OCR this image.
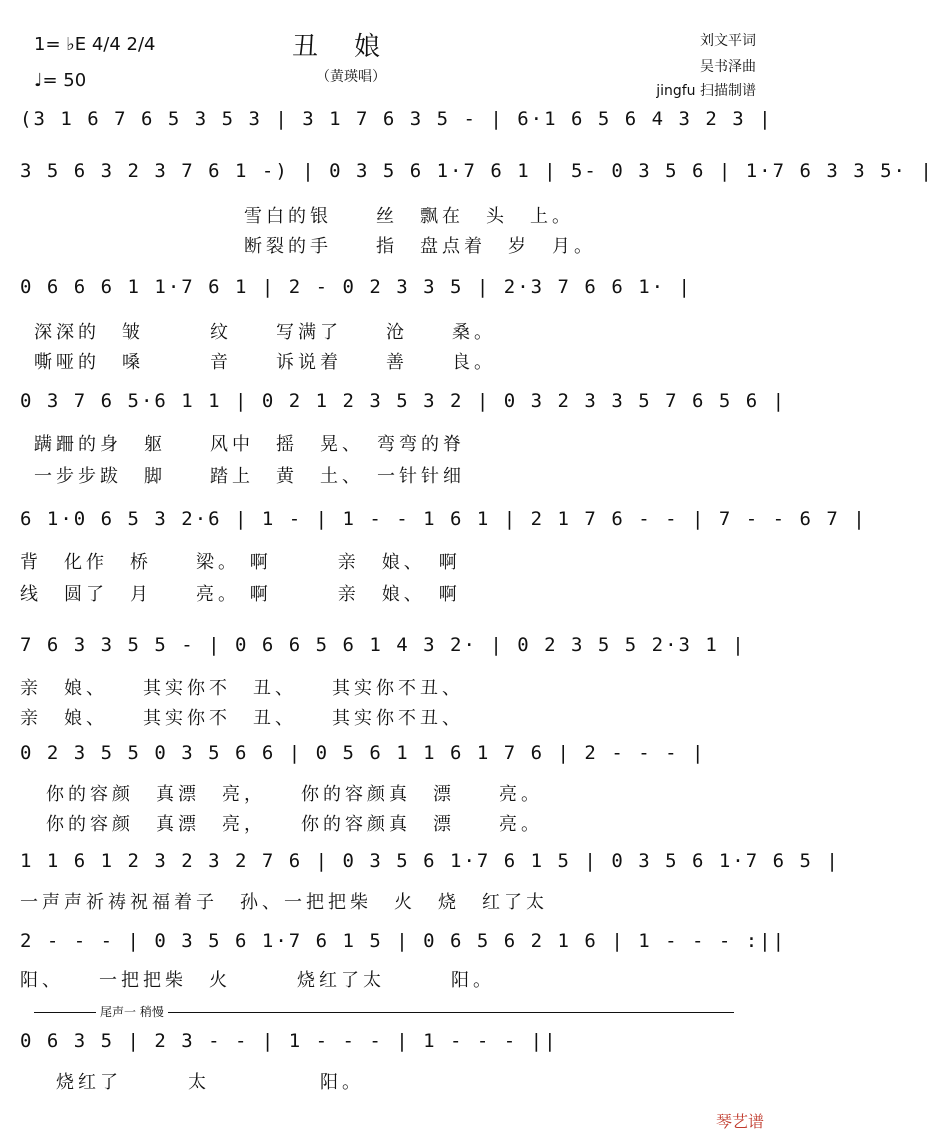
丑娘
（黄瑛唱）
1= ♭E 4/4 2/4
♩= 50
刘文平词
吴书泽曲
jingfu 扫描制谱
(3 1 6 7 6 5 3 5 3 | 3 1 7 6 3 5 - | 6·1 6 5 6 4 3 2 3 |
3 5 6 3 2 3 7 6 1 -) | 0 3 5 6 1·7 6 1 | 5- 0 3 5 6 | 1·7 6 3 3 5· |
雪白的银　　丝　飘在　头　上。
断裂的手　　指　盘点着　岁　月。
0 6 6 6 1 1·7 6 1 | 2 - 0 2 3 3 5 | 2·3 7 6 6 1· |
深深的　皱　　　纹　　写满了　　沧　　桑。
嘶哑的　嗓　　　音　　诉说着　　善　　良。
0 3 7 6 5·6 1 1 | 0 2 1 2 3 5 3 2 | 0 3 2 3 3 5 7 6 5 6 |
蹒跚的身　躯　　风中　摇　晃、　弯弯的脊
一步步跋　脚　　踏上　黄　土、　一针针细
6 1·0 6 5 3 2·6 | 1 - | 1 - - 1 6 1 | 2 1 7 6 - - | 7 - - 6 7 |
背　化作　桥　　梁。 啊　　　亲　娘、　啊
线　圆了　月　　亮。 啊　　　亲　娘、　啊
7 6 3 3 5 5 - | 0 6 6 5 6 1 4 3 2· | 0 2 3 5 5 2·3 1 |
亲　娘、　　其实你不　丑、　　其实你不丑、
亲　娘、　　其实你不　丑、　　其实你不丑、
0 2 3 5 5 0 3 5 6 6 | 0 5 6 1 1 6 1 7 6 | 2 - - - |
你的容颜　真漂　亮，　　你的容颜真　漂　　亮。
你的容颜　真漂　亮，　　你的容颜真　漂　　亮。
1 1 6 1 2 3 2 3 2 7 6 | 0 3 5 6 1·7 6 1 5 | 0 3 5 6 1·7 6 5 |
一声声祈祷祝福着子　孙、一把把柴　火　烧　红了太
2 - - - | 0 3 5 6 1·7 6 1 5 | 0 6 5 6 2 1 6 | 1 - - - :||
阳、　　一把把柴　火　　　烧红了太　　　阳。
尾声一 稍慢
0 6 3 5 | 2 3 - - | 1 - - - | 1 - - - ||
烧红了　　　太　　　　　阳。
琴艺谱
